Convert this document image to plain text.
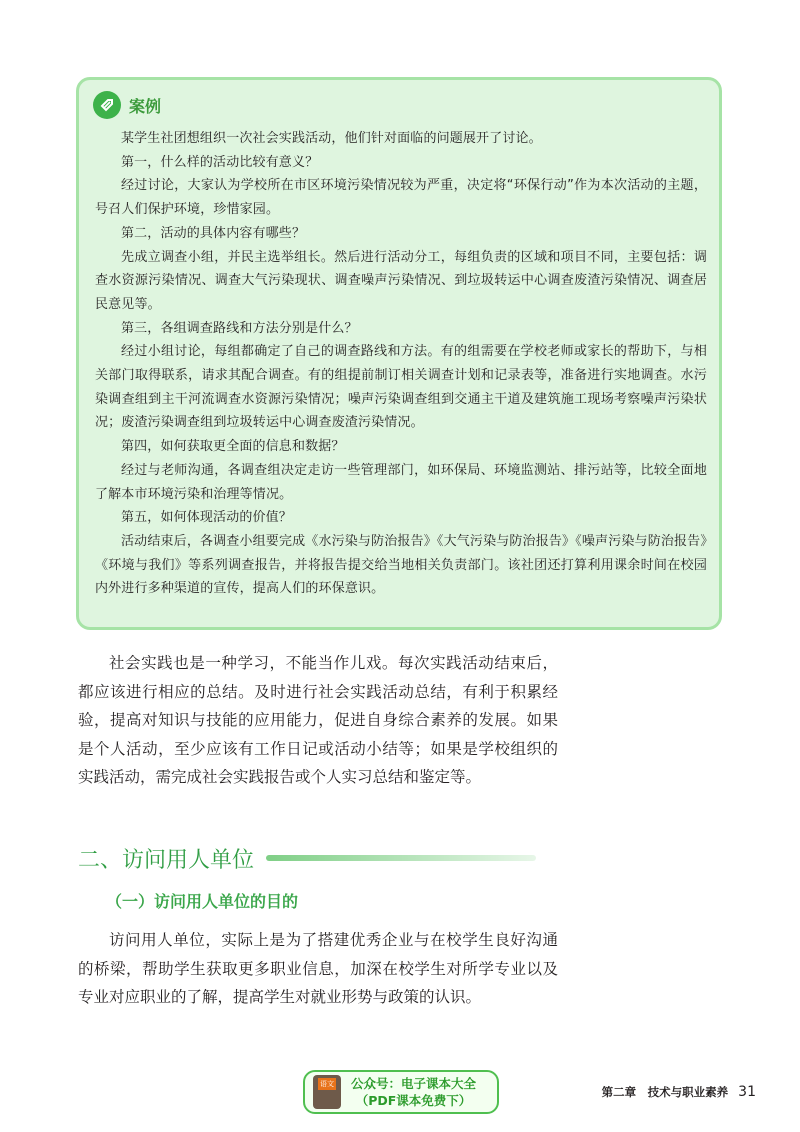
案例

某学生社团想组织一次社会实践活动，他们针对面临的问题展开了讨论。

第一，什么样的活动比较有意义？

经过讨论，大家认为学校所在市区环境污染情况较为严重，决定将“环保行动”作为本次活动的主题，号召人们保护环境，珍惜家园。

第二，活动的具体内容有哪些？

先成立调查小组，并民主选举组长。然后进行活动分工，每组负责的区域和项目不同，主要包括：调查水资源污染情况、调查大气污染现状、调查噪声污染情况、到垃圾转运中心调查废渣污染情况、调查居民意见等。

第三，各组调查路线和方法分别是什么？

经过小组讨论，每组都确定了自己的调查路线和方法。有的组需要在学校老师或家长的帮助下，与相关部门取得联系，请求其配合调查。有的组提前制订相关调查计划和记录表等，准备进行实地调查。水污染调查组到主干河流调查水资源污染情况；噪声污染调查组到交通主干道及建筑施工现场考察噪声污染状况；废渣污染调查组到垃圾转运中心调查废渣污染情况。

第四，如何获取更全面的信息和数据？

经过与老师沟通，各调查组决定走访一些管理部门，如环保局、环境监测站、排污站等，比较全面地了解本市环境污染和治理等情况。

第五，如何体现活动的价值？

活动结束后，各调查小组要完成《水污染与防治报告》《大气污染与防治报告》《噪声污染与防治报告》《环境与我们》等系列调查报告，并将报告提交给当地相关负责部门。该社团还打算利用课余时间在校园内外进行多种渠道的宣传，提高人们的环保意识。

社会实践也是一种学习，不能当作儿戏。每次实践活动结束后，都应该进行相应的总结。及时进行社会实践活动总结，有利于积累经验，提高对知识与技能的应用能力，促进自身综合素养的发展。如果是个人活动，至少应该有工作日记或活动小结等；如果是学校组织的实践活动，需完成社会实践报告或个人实习总结和鉴定等。

二、访问用人单位
（一）访问用人单位的目的

访问用人单位，实际上是为了搭建优秀企业与在校学生良好沟通的桥梁，帮助学生获取更多职业信息，加深在校学生对所学专业以及专业对应职业的了解，提高学生对就业形势与政策的认识。

语文 公众号：电子课本大全
（PDF课本免费下）
第二章　技术与职业素养 31
